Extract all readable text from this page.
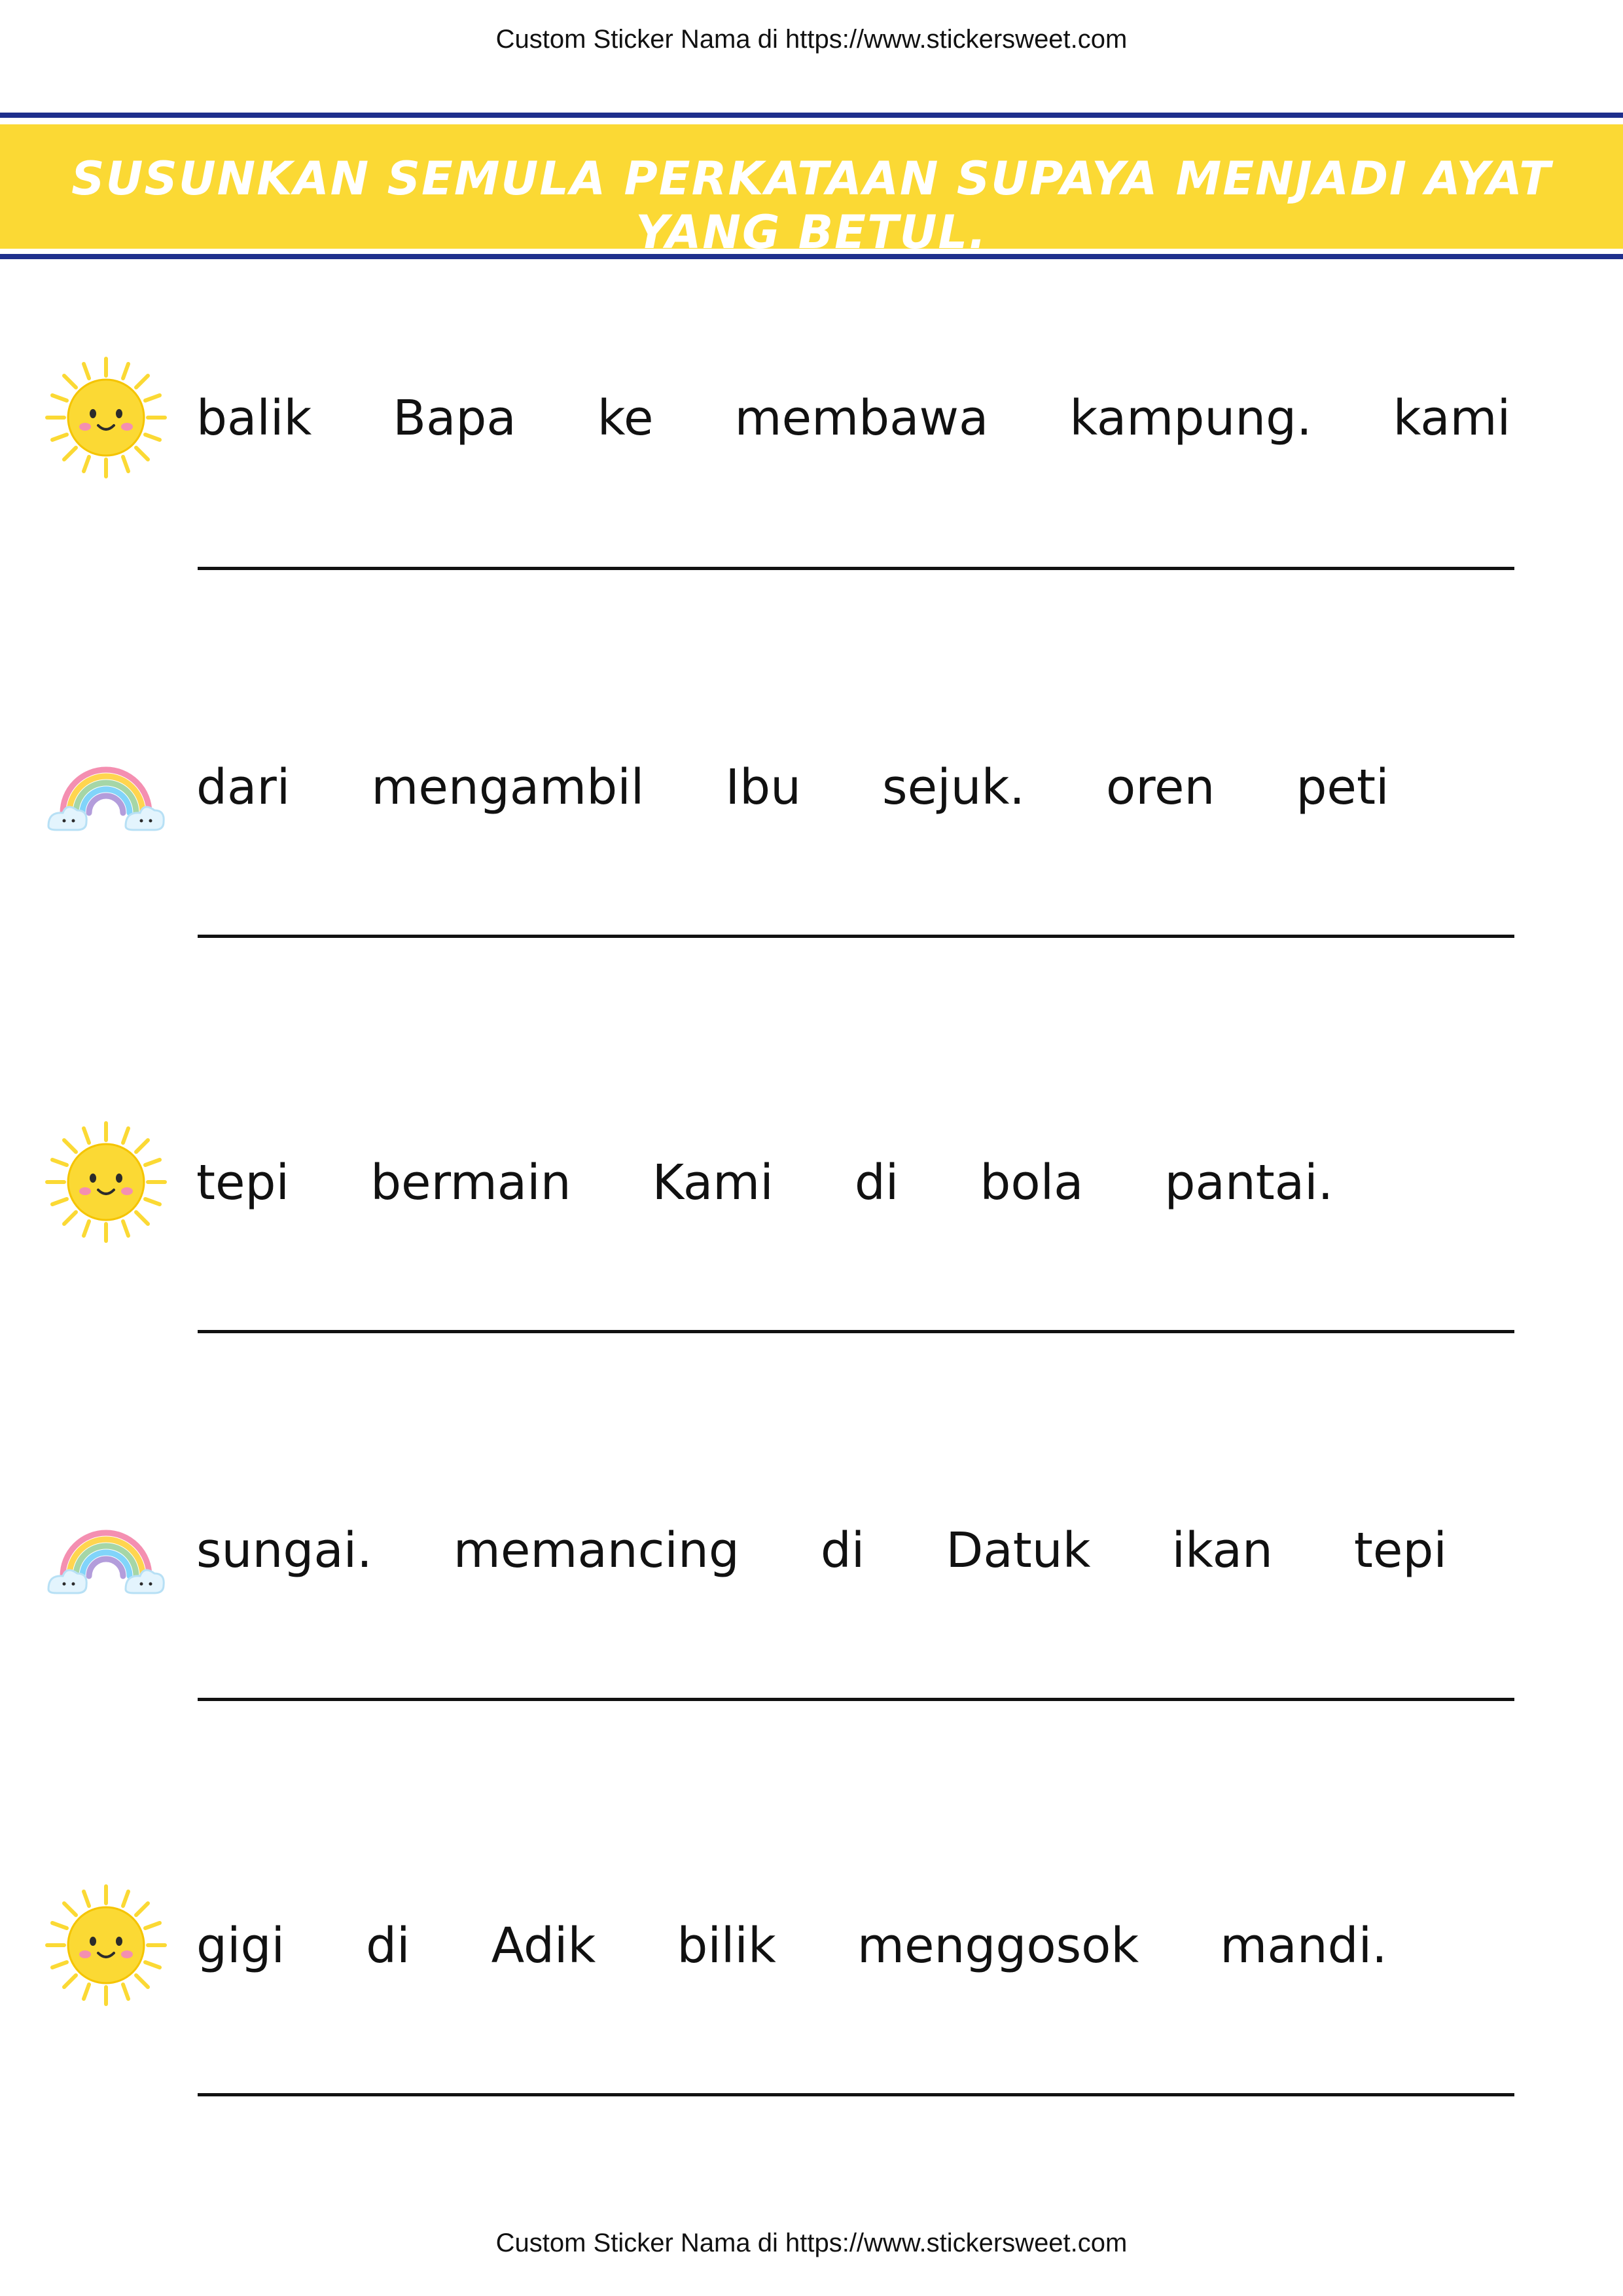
Custom Sticker Nama di https://www.stickersweet.com
SUSUNKAN SEMULA PERKATAAN SUPAYA MENJADI AYAT YANG BETUL.
balik Bapa ke membawa kampung. kami
dari mengambil Ibu sejuk. oren peti
tepi bermain Kami di bola pantai.
sungai. memancing di Datuk ikan tepi
gigi di Adik bilik menggosok mandi.
Custom Sticker Nama di https://www.stickersweet.com
